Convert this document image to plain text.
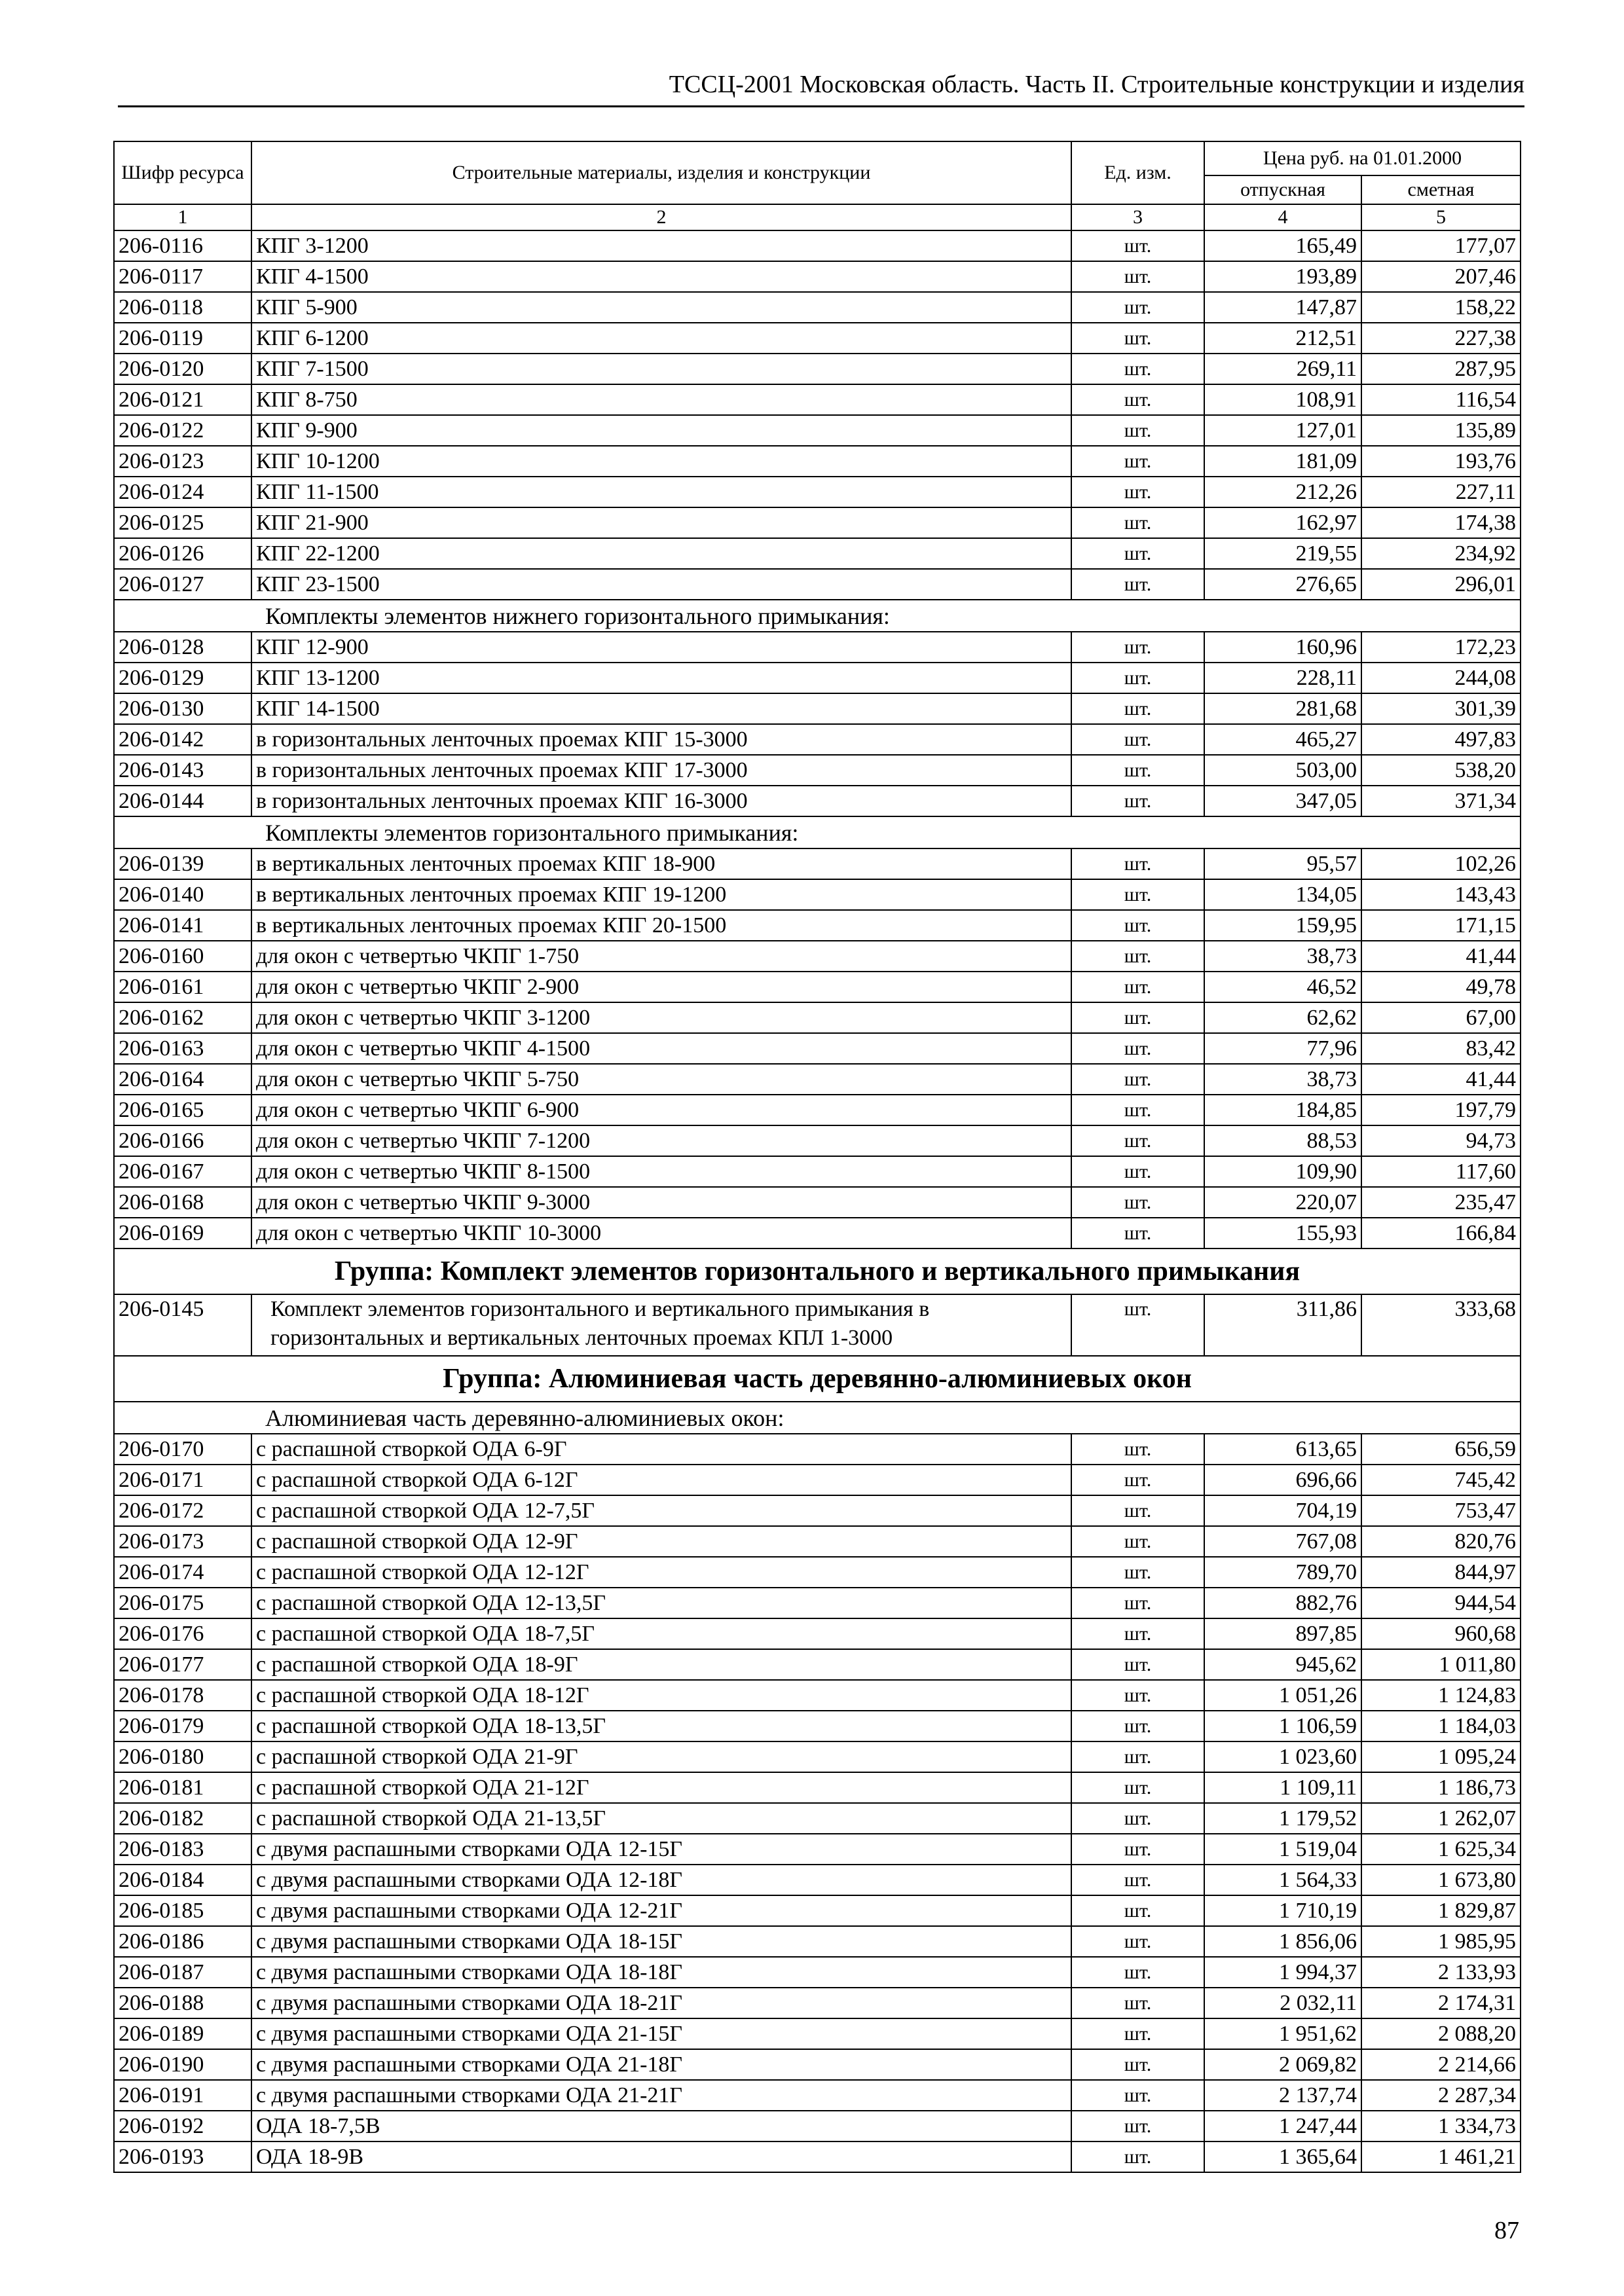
ТССЦ-2001 Московская область. Часть II. Строительные конструкции и изделия
Шифр ресурса	Строительные материалы, изделия и конструкции	Ед. изм.	Цена руб. на 01.01.2000	
			отпускная	сметная
1	2	3	4	5
206-0116	КПГ 3-1200	шт.	165,49	177,07
206-0117	КПГ 4-1500	шт.	193,89	207,46
206-0118	КПГ 5-900	шт.	147,87	158,22
206-0119	КПГ 6-1200	шт.	212,51	227,38
206-0120	КПГ 7-1500	шт.	269,11	287,95
206-0121	КПГ 8-750	шт.	108,91	116,54
206-0122	КПГ 9-900	шт.	127,01	135,89
206-0123	КПГ 10-1200	шт.	181,09	193,76
206-0124	КПГ 11-1500	шт.	212,26	227,11
206-0125	КПГ 21-900	шт.	162,97	174,38
206-0126	КПГ 22-1200	шт.	219,55	234,92
206-0127	КПГ 23-1500	шт.	276,65	296,01
Комплекты элементов нижнего горизонтального примыкания:				
206-0128	КПГ 12-900	шт.	160,96	172,23
206-0129	КПГ 13-1200	шт.	228,11	244,08
206-0130	КПГ 14-1500	шт.	281,68	301,39
206-0142	в горизонтальных ленточных проемах КПГ 15-3000	шт.	465,27	497,83
206-0143	в горизонтальных ленточных проемах КПГ 17-3000	шт.	503,00	538,20
206-0144	в горизонтальных ленточных проемах КПГ 16-3000	шт.	347,05	371,34
Комплекты элементов горизонтального примыкания:				
206-0139	в вертикальных ленточных проемах КПГ 18-900	шт.	95,57	102,26
206-0140	в вертикальных ленточных проемах КПГ 19-1200	шт.	134,05	143,43
206-0141	в вертикальных ленточных проемах КПГ 20-1500	шт.	159,95	171,15
206-0160	для окон с четвертью ЧКПГ 1-750	шт.	38,73	41,44
206-0161	для окон с четвертью ЧКПГ 2-900	шт.	46,52	49,78
206-0162	для окон с четвертью ЧКПГ 3-1200	шт.	62,62	67,00
206-0163	для окон с четвертью ЧКПГ 4-1500	шт.	77,96	83,42
206-0164	для окон с четвертью ЧКПГ 5-750	шт.	38,73	41,44
206-0165	для окон с четвертью ЧКПГ 6-900	шт.	184,85	197,79
206-0166	для окон с четвертью ЧКПГ 7-1200	шт.	88,53	94,73
206-0167	для окон с четвертью ЧКПГ 8-1500	шт.	109,90	117,60
206-0168	для окон с четвертью ЧКПГ 9-3000	шт.	220,07	235,47
206-0169	для окон с четвертью ЧКПГ 10-3000	шт.	155,93	166,84
Группа: Комплект элементов горизонтального и вертикального примыкания				
206-0145	Комплект элементов горизонтального и вертикального примыкания в горизонтальных и вертикальных ленточных проемах КПЛ 1-3000	шт.	311,86	333,68
Группа: Алюминиевая часть деревянно-алюминиевых окон				
Алюминиевая часть деревянно-алюминиевых окон:				
206-0170	с распашной створкой ОДА 6-9Г	шт.	613,65	656,59
206-0171	с распашной створкой ОДА 6-12Г	шт.	696,66	745,42
206-0172	с распашной створкой ОДА 12-7,5Г	шт.	704,19	753,47
206-0173	с распашной створкой ОДА 12-9Г	шт.	767,08	820,76
206-0174	с распашной створкой ОДА 12-12Г	шт.	789,70	844,97
206-0175	с распашной створкой ОДА 12-13,5Г	шт.	882,76	944,54
206-0176	с распашной створкой ОДА 18-7,5Г	шт.	897,85	960,68
206-0177	с распашной створкой ОДА 18-9Г	шт.	945,62	1 011,80
206-0178	с распашной створкой ОДА 18-12Г	шт.	1 051,26	1 124,83
206-0179	с распашной створкой ОДА 18-13,5Г	шт.	1 106,59	1 184,03
206-0180	с распашной створкой ОДА 21-9Г	шт.	1 023,60	1 095,24
206-0181	с распашной створкой ОДА 21-12Г	шт.	1 109,11	1 186,73
206-0182	с распашной створкой ОДА 21-13,5Г	шт.	1 179,52	1 262,07
206-0183	с двумя распашными створками ОДА 12-15Г	шт.	1 519,04	1 625,34
206-0184	с двумя распашными створками ОДА 12-18Г	шт.	1 564,33	1 673,80
206-0185	с двумя распашными створками ОДА 12-21Г	шт.	1 710,19	1 829,87
206-0186	с двумя распашными створками ОДА 18-15Г	шт.	1 856,06	1 985,95
206-0187	с двумя распашными створками ОДА 18-18Г	шт.	1 994,37	2 133,93
206-0188	с двумя распашными створками ОДА 18-21Г	шт.	2 032,11	2 174,31
206-0189	с двумя распашными створками ОДА 21-15Г	шт.	1 951,62	2 088,20
206-0190	с двумя распашными створками ОДА 21-18Г	шт.	2 069,82	2 214,66
206-0191	с двумя распашными створками ОДА 21-21Г	шт.	2 137,74	2 287,34
206-0192	ОДА 18-7,5В	шт.	1 247,44	1 334,73
206-0193	ОДА 18-9В	шт.	1 365,64	1 461,21
87
